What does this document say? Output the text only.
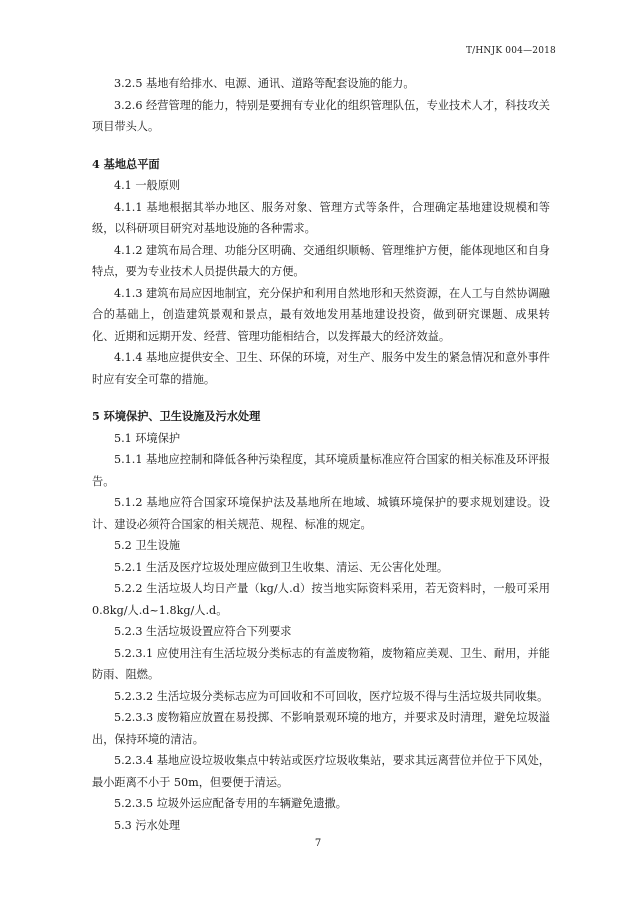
T/HNJK 004—2018

3.2.5 基地有给排水、电源、通讯、道路等配套设施的能力。

3.2.6 经营管理的能力，特别是要拥有专业化的组织管理队伍，专业技术人才，科技攻关项目带头人。

4 基地总平面

4.1 一般原则

4.1.1 基地根据其举办地区、服务对象、管理方式等条件，合理确定基地建设规模和等级，以科研项目研究对基地设施的各种需求。

4.1.2 建筑布局合理、功能分区明确、交通组织顺畅、管理维护方便，能体现地区和自身特点，要为专业技术人员提供最大的方便。

4.1.3 建筑布局应因地制宜，充分保护和利用自然地形和天然资源，在人工与自然协调融合的基础上，创造建筑景观和景点，最有效地发用基地建设投资，做到研究课题、成果转化、近期和远期开发、经营、管理功能相结合，以发挥最大的经济效益。

4.1.4 基地应提供安全、卫生、环保的环境，对生产、服务中发生的紧急情况和意外事件时应有安全可靠的措施。

5 环境保护、卫生设施及污水处理

5.1 环境保护

5.1.1 基地应控制和降低各种污染程度，其环境质量标准应符合国家的相关标准及环评报告。

5.1.2 基地应符合国家环境保护法及基地所在地域、城镇环境保护的要求规划建设。设计、建设必须符合国家的相关规范、规程、标准的规定。

5.2 卫生设施

5.2.1 生活及医疗垃圾处理应做到卫生收集、清运、无公害化处理。

5.2.2 生活垃圾人均日产量（kg/人.d）按当地实际资料采用，若无资料时，一般可采用 0.8kg/人.d~1.8kg/人.d。

5.2.3 生活垃圾设置应符合下列要求

5.2.3.1 应使用注有生活垃圾分类标志的有盖废物箱，废物箱应美观、卫生、耐用，并能防雨、阻燃。

5.2.3.2 生活垃圾分类标志应为可回收和不可回收，医疗垃圾不得与生活垃圾共同收集。

5.2.3.3 废物箱应放置在易投掷、不影响景观环境的地方，并要求及时清理，避免垃圾溢出，保持环境的清洁。

5.2.3.4 基地应设垃圾收集点中转站或医疗垃圾收集站，要求其远离营位并位于下风处，最小距离不小于 50m，但要便于清运。

5.2.3.5 垃圾外运应配备专用的车辆避免遗撒。

5.3 污水处理

7
